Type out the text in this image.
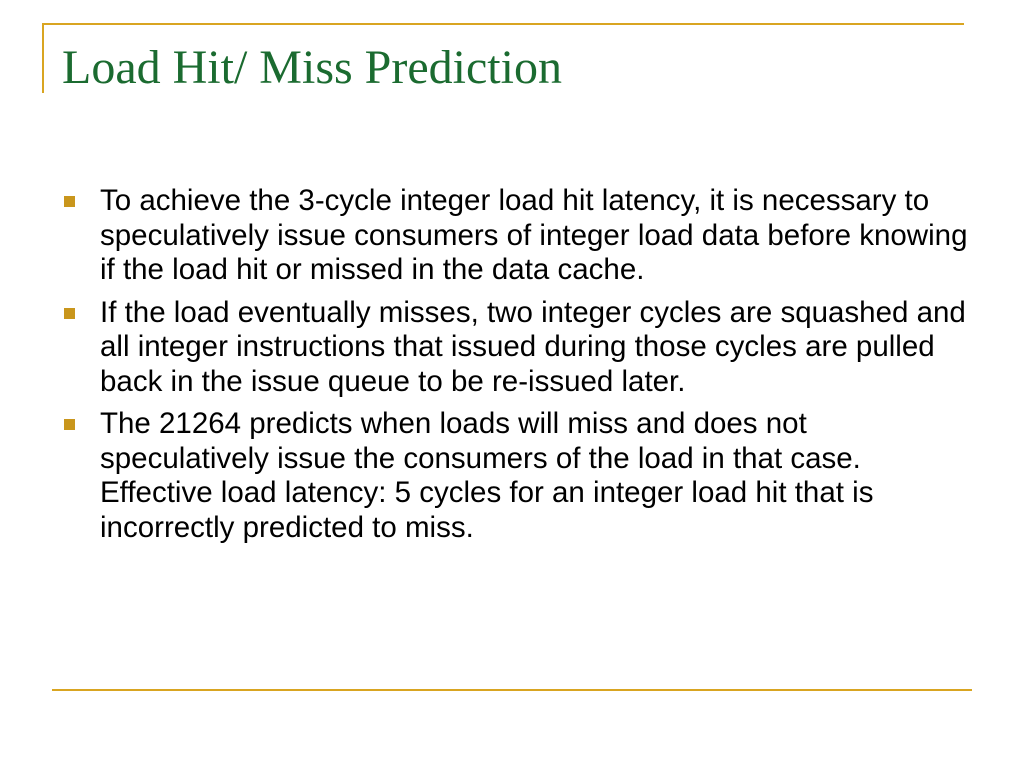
Load Hit/ Miss Prediction
To achieve the 3-cycle integer load hit latency, it is necessary to speculatively issue consumers of integer load data before knowing if the load hit or missed in the data cache.
If the load eventually misses, two integer cycles are squashed and all integer instructions that issued during those cycles are pulled back in the issue queue to be re-issued later.
The 21264 predicts when loads will miss and does not speculatively issue the consumers of the load in that case. Effective load latency: 5 cycles for an integer load hit that is incorrectly predicted to miss.
